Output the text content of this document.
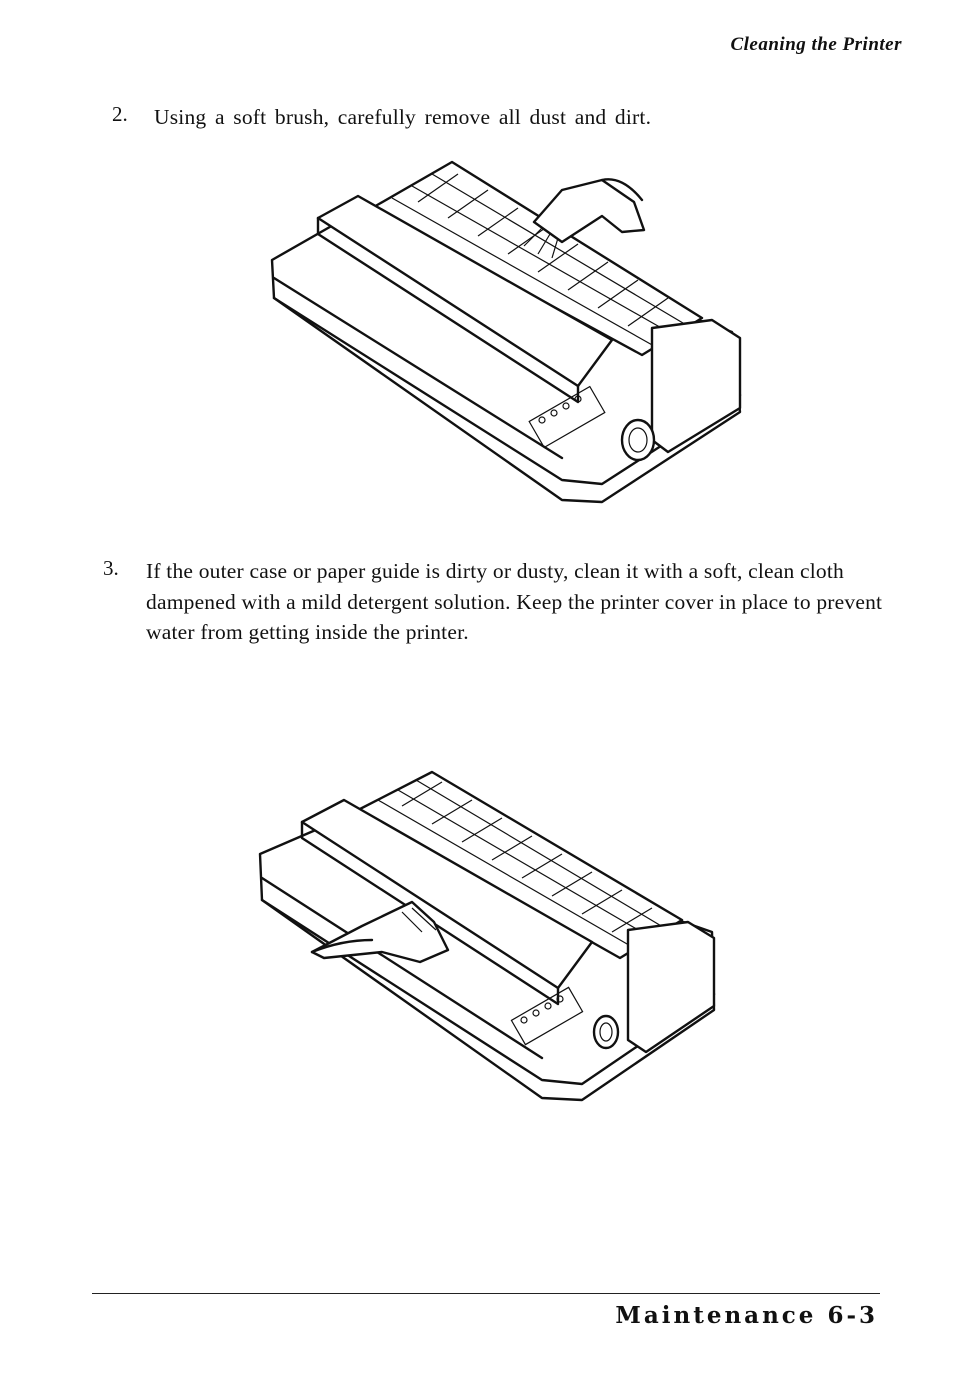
Cleaning the Printer
2. Using a soft brush, carefully remove all dust and dirt.
3. If the outer case or paper guide is dirty or dusty, clean it with a soft, clean cloth dampened with a mild detergent solution. Keep the printer cover in place to prevent water from getting inside the printer.
Maintenance 6-3
